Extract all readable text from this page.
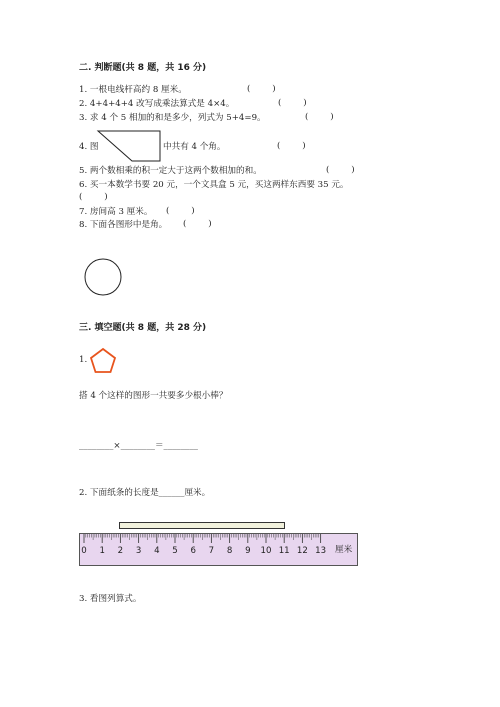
二. 判断题(共 8 题，共 16 分)
1. 一根电线杆高约 8 厘米。	(        )
2. 4+4+4+4 改写成乘法算式是 4×4。	(        )
3. 求 4 个 5 相加的和是多少，列式为 5+4=9。	(        )
4. 图	中共有 4 个角。	(        )
5. 两个数相乘的积一定大于这两个数相加的和。	(        )
6. 买一本数学书要 20 元，一个文具盒 5 元，买这两样东西要 35 元。
(        )
7. 房间高 3 厘米。 (        )
8. 下面各图形中是角。 (        )
三. 填空题(共 8 题，共 28 分)
1.
搭 4 个这样的图形一共要多少根小棒？
________×________＝________
2. 下面纸条的长度是______厘米。
0 1 2 3 4 5 6 7 8 9 10 11 12 13 厘米
3. 看图列算式。
